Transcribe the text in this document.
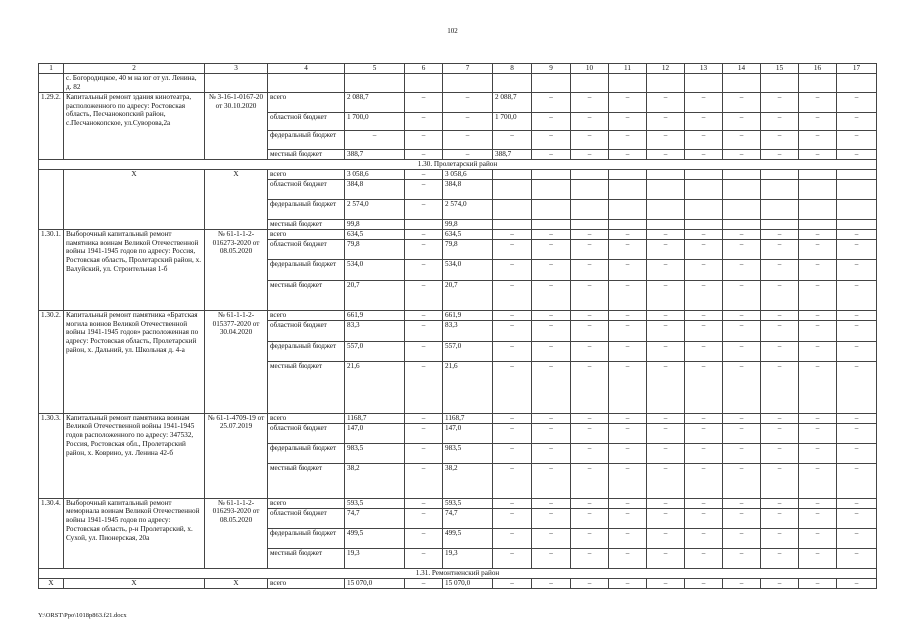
102
1	2	3	4	5	6	7	8	9	10	11	12	13	14	15	16	17
	с. Богородицкое, 40 м на юг от ул. Ленина, д. 82															
1.29.2.	Капитальный ремонт здания кинотеатра, расположенного по адресу: Ростовская область, Песчанокопский район, с.Песчанокопское, ул.Суворова,2а	№ 3-16-1-0167-20 от 30.10.2020	всего	2 088,7	–	–	2 088,7	–	–	–	–	–	–	–	–	–
			областной бюджет	1 700,0	–	–	1 700,0	–	–	–	–	–	–	–	–	–
			федеральный бюджет	–	–	–	–	–	–	–	–	–	–	–	–	–
			местный бюджет	388,7	–	–	388,7	–	–	–	–	–	–	–	–	–
1.30. Пролетарский район																
	Х	Х	всего	3 058,6	–	3 058,6										
			областной бюджет	384,8	–	384,8										
			федеральный бюджет	2 574,0	–	2 574,0										
			местный бюджет	99,8		99,8										
1.30.1.	Выборочный капитальный ремонт памятника воинам Великой Отечественной войны 1941-1945 годов по адресу: Россия, Ростовская область, Пролетарский район, х. Валуйский, ул. Строительная 1-б	№ 61-1-1-2-016273-2020 от 08.05.2020	всего	634,5	–	634,5	–	–	–	–	–	–	–	–	–	–
			областной бюджет	79,8	–	79,8	–	–	–	–	–	–	–	–	–	–
			федеральный бюджет	534,0	–	534,0	–	–	–	–	–	–	–	–	–	–
			местный бюджет	20,7	–	20,7	–	–	–	–	–	–	–	–	–	–
1.30.2.	Капитальный ремонт памятника «Братская могила воинов Великой Отечественной войны 1941-1945 годов» расположенная по адресу: Ростовская область, Пролетарский район, х. Дальний, ул. Школьная д. 4-а	№ 61-1-1-2-015377-2020 от 30.04.2020	всего	661,9	–	661,9	–	–	–	–	–	–	–	–	–	–
			областной бюджет	83,3	–	83,3	–	–	–	–	–	–	–	–	–	–
			федеральный бюджет	557,0	–	557,0	–	–	–	–	–	–	–	–	–	–
			местный бюджет	21,6	–	21,6	–	–	–	–	–	–	–	–	–	–
1.30.3.	Капитальный ремонт памятника воинам Великой Отечественной войны 1941-1945 годов расположенного по адресу: 347532, Россия, Ростовская обл., Пролетарский район, х. Коврино, ул. Ленина 42-б	№ 61-1-4709-19 от 25.07.2019	всего	1168,7	–	1168,7	–	–	–	–	–	–	–	–	–	–
			областной бюджет	147,0	–	147,0	–	–	–	–	–	–	–	–	–	–
			федеральный бюджет	983,5	–	983,5	–	–	–	–	–	–	–	–	–	–
			местный бюджет	38,2	–	38,2	–	–	–	–	–	–	–	–	–	–
1.30.4.	Выборочный капитальный ремонт мемориала воинам Великой Отечественной войны 1941-1945 годов по адресу: Ростовская область, р-н Пролетарский, х. Сухой, ул. Пионерская, 20а	№ 61-1-1-2-016293-2020 от 08.05.2020	всего	593,5	–	593,5	–	–	–	–	–	–	–	–	–	–
			областной бюджет	74,7	–	74,7	–	–	–	–	–	–	–	–	–	–
			федеральный бюджет	499,5	–	499,5	–	–	–	–	–	–	–	–	–	–
			местный бюджет	19,3	–	19,3	–	–	–	–	–	–	–	–	–	–
1.31. Ремонтненский район																
Х	Х	Х	всего	15 070,0	–	15 070,0	–	–	–	–	–	–	–	–	–	–
Y:\ORST\Ppo\1018p863.f21.docx
